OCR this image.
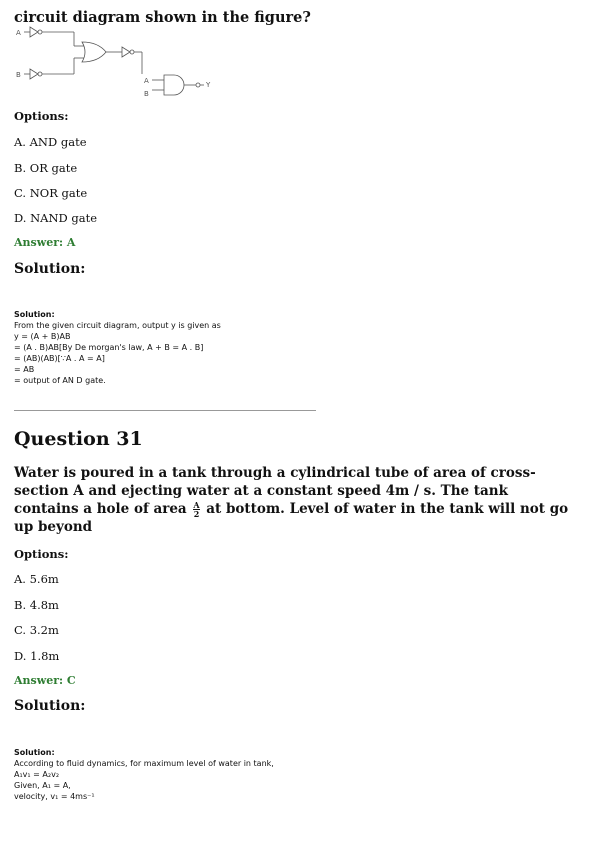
circuit diagram shown in the figure?
A
B
A
B
Y
Options:
A. AND gate
B. OR gate
C. NOR gate
D. NAND gate
Answer: A
Solution:
Solution:
From the given circuit diagram, output y is given as
y = (A + B)AB
= (A . B)AB[By De morgan's law, A + B = A . B]
= (AB)(AB)[∵A . A = A]
= AB
= output of AN D gate.
Question 31
Water is poured in a tank through a cylindrical tube of area of cross-section A and ejecting water at a constant speed 4m / s. The tank contains a hole of area $\frac{A}{2}$ at bottom. Level of water in the tank will not go up beyond
Options:
A. 5.6m
B. 4.8m
C. 3.2m
D. 1.8m
Answer: C
Solution:
Solution:
According to fluid dynamics, for maximum level of water in tank,
A₁v₁ = A₂v₂
Given, A₁ = A,
velocity, v₁ = 4ms⁻¹
